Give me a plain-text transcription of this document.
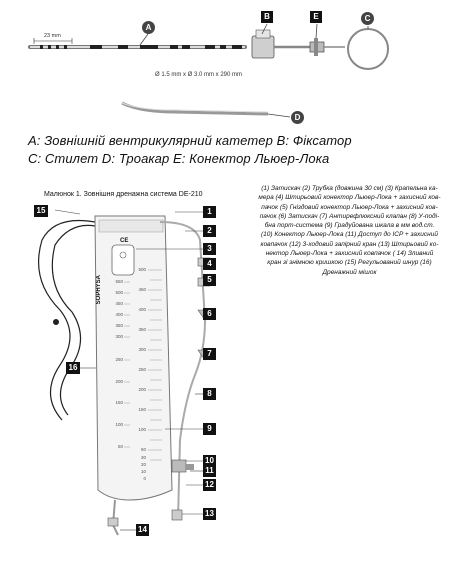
A
B	E	C
D
23 mm
Ø 1.5 mm x Ø 3.0 mm x 290 mm
А: Зовнішній вентрикулярний катетер В: Фіксатор
С: Стилет D: Троакар Е: Конектор Льюер-Лока
Малюнок 1. Зовнішня дренажна система DE-210
(1) Затискач (2) Трубка (довжина 30 см) (3) Крапельна ка-
мера (4) Штирьовий конектор Льюер-Лока + захисний ков-
пачок (5) Гніздовий конектор Льюер-Лока + захисний ков-
пачок (6) Затискач (7) Антирефлюксний клапан (8) У-поді-
бна порт-система (9) Градуйована шкала в мм вод.ст.
(10) Конектор Льюер-Лока (11) Доступ до ICP + захисний
ковпачок (12) 3-ходовий запірний кран (13) Штирьовий ко-
нектор Льюер-Лока + захисний ковпачок ( 14) Зливний
кран зі знімною кришкою (15) Регульований шнур (16)
Дренажний мішок
CE
SOPHYSA	550
500
450
400
350
300
250
200
150
100
50
500
450
400
350
300
250
200
150
100
50
30
20
10
0
1
2
3
4
5
6
7
8
9
10
11
12
13
14
15
16
